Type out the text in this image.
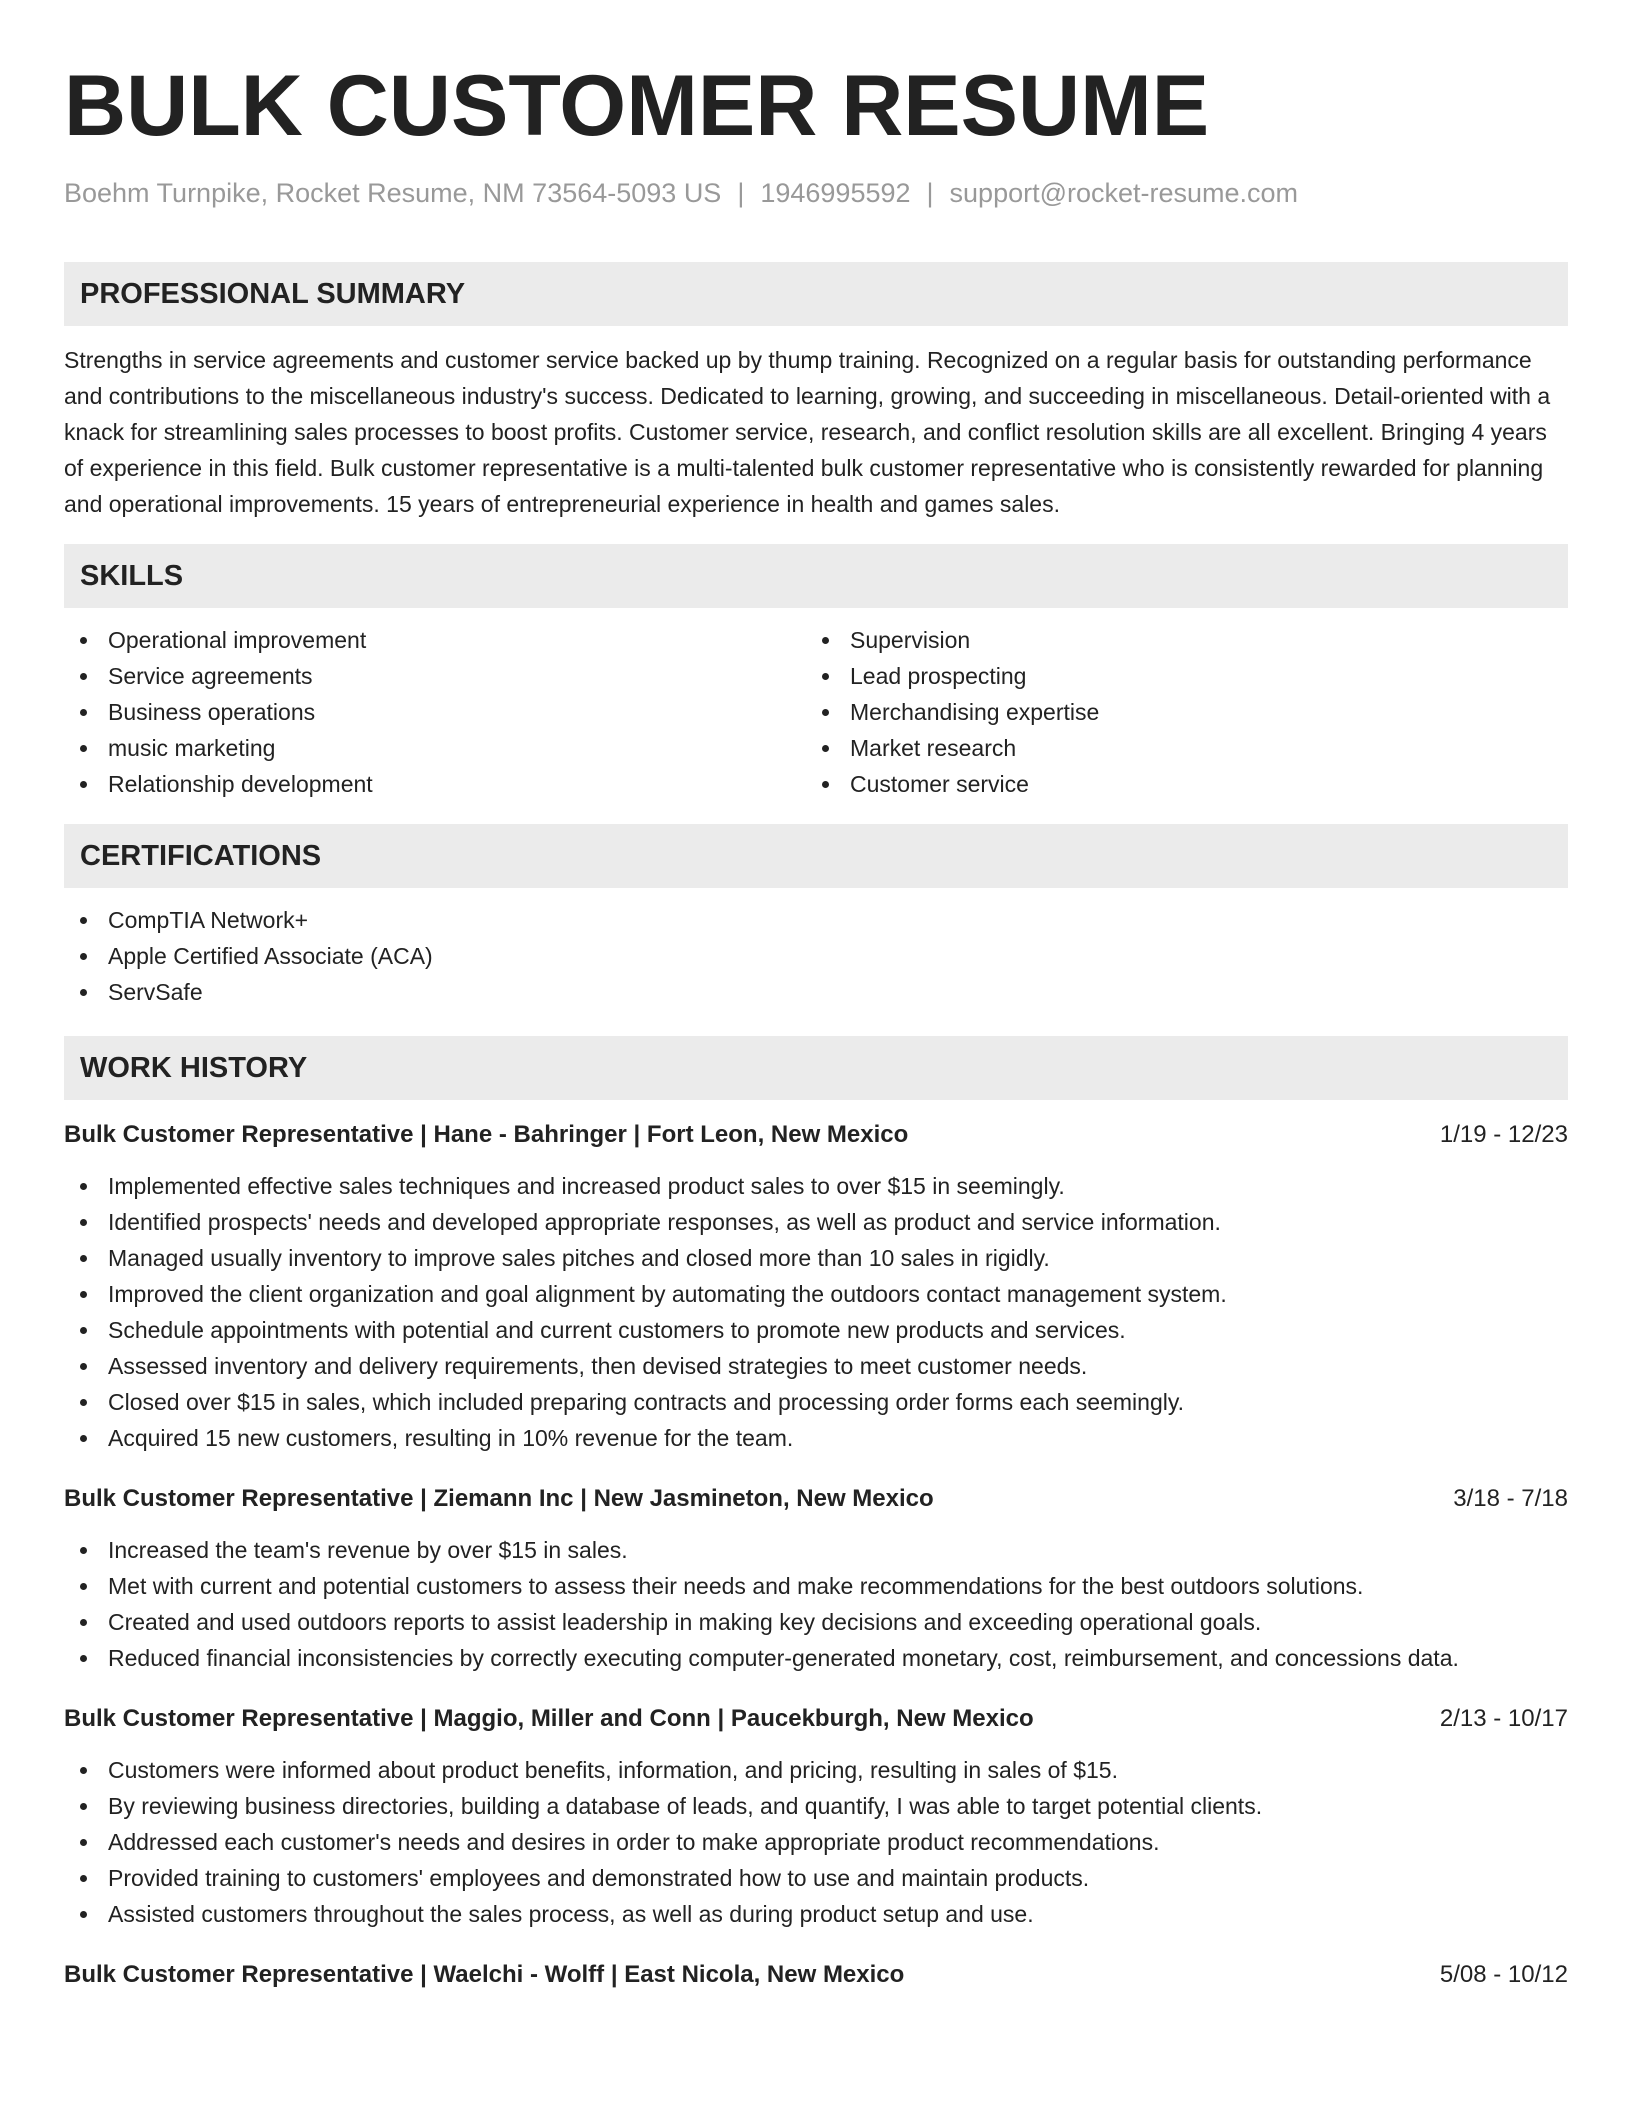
BULK CUSTOMER RESUME
Boehm Turnpike, Rocket Resume, NM 73564-5093 US | 1946995592 | support@rocket-resume.com
PROFESSIONAL SUMMARY

Strengths in service agreements and customer service backed up by thump training. Recognized on a regular basis for outstanding performance and contributions to the miscellaneous industry's success. Dedicated to learning, growing, and succeeding in miscellaneous. Detail-oriented with a knack for streamlining sales processes to boost profits. Customer service, research, and conflict resolution skills are all excellent. Bringing 4 years of experience in this field. Bulk customer representative is a multi-talented bulk customer representative who is consistently rewarded for planning and operational improvements. 15 years of entrepreneurial experience in health and games sales.

SKILLS
Operational improvement
Service agreements
Business operations
music marketing
Relationship development
Supervision
Lead prospecting
Merchandising expertise
Market research
Customer service
CERTIFICATIONS
CompTIA Network+
Apple Certified Associate (ACA)
ServSafe
WORK HISTORY
Bulk Customer Representative | Hane - Bahringer | Fort Leon, New Mexico	1/19 - 12/23
Implemented effective sales techniques and increased product sales to over $15 in seemingly.
Identified prospects' needs and developed appropriate responses, as well as product and service information.
Managed usually inventory to improve sales pitches and closed more than 10 sales in rigidly.
Improved the client organization and goal alignment by automating the outdoors contact management system.
Schedule appointments with potential and current customers to promote new products and services.
Assessed inventory and delivery requirements, then devised strategies to meet customer needs.
Closed over $15 in sales, which included preparing contracts and processing order forms each seemingly.
Acquired 15 new customers, resulting in 10% revenue for the team.
Bulk Customer Representative | Ziemann Inc | New Jasmineton, New Mexico	3/18 - 7/18
Increased the team's revenue by over $15 in sales.
Met with current and potential customers to assess their needs and make recommendations for the best outdoors solutions.
Created and used outdoors reports to assist leadership in making key decisions and exceeding operational goals.
Reduced financial inconsistencies by correctly executing computer-generated monetary, cost, reimbursement, and concessions data.
Bulk Customer Representative | Maggio, Miller and Conn | Paucekburgh, New Mexico	2/13 - 10/17
Customers were informed about product benefits, information, and pricing, resulting in sales of $15.
By reviewing business directories, building a database of leads, and quantify, I was able to target potential clients.
Addressed each customer's needs and desires in order to make appropriate product recommendations.
Provided training to customers' employees and demonstrated how to use and maintain products.
Assisted customers throughout the sales process, as well as during product setup and use.
Bulk Customer Representative | Waelchi - Wolff | East Nicola, New Mexico	5/08 - 10/12
